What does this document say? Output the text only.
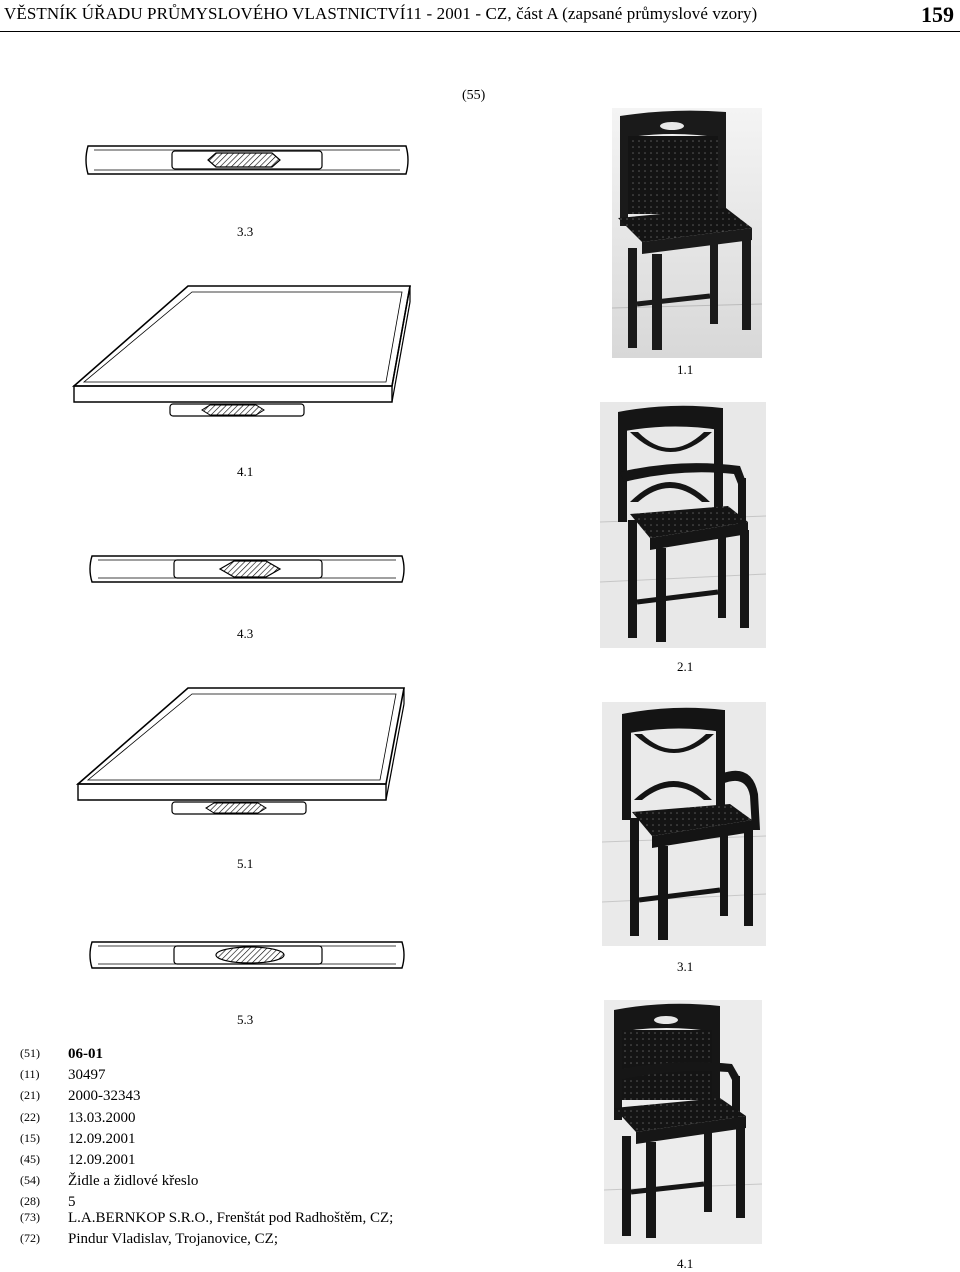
VĚSTNÍK ÚŘADU PRŮMYSLOVÉHO VLASTNICTVÍ11 - 2001 - CZ, část A (zapsané průmyslové vzory)	159
(55)
3.3
4.1
4.3
5.1
5.3
1.1
2.1
3.1
4.1
(51) 06-01
(11) 30497
(21) 2000-32343
(22) 13.03.2000
(15) 12.09.2001
(45) 12.09.2001
(54) Židle a židlové křeslo
(28) 5
(73) L.A.BERNKOP S.R.O., Frenštát pod Radhoštěm, CZ;
(72) Pindur Vladislav, Trojanovice, CZ;
